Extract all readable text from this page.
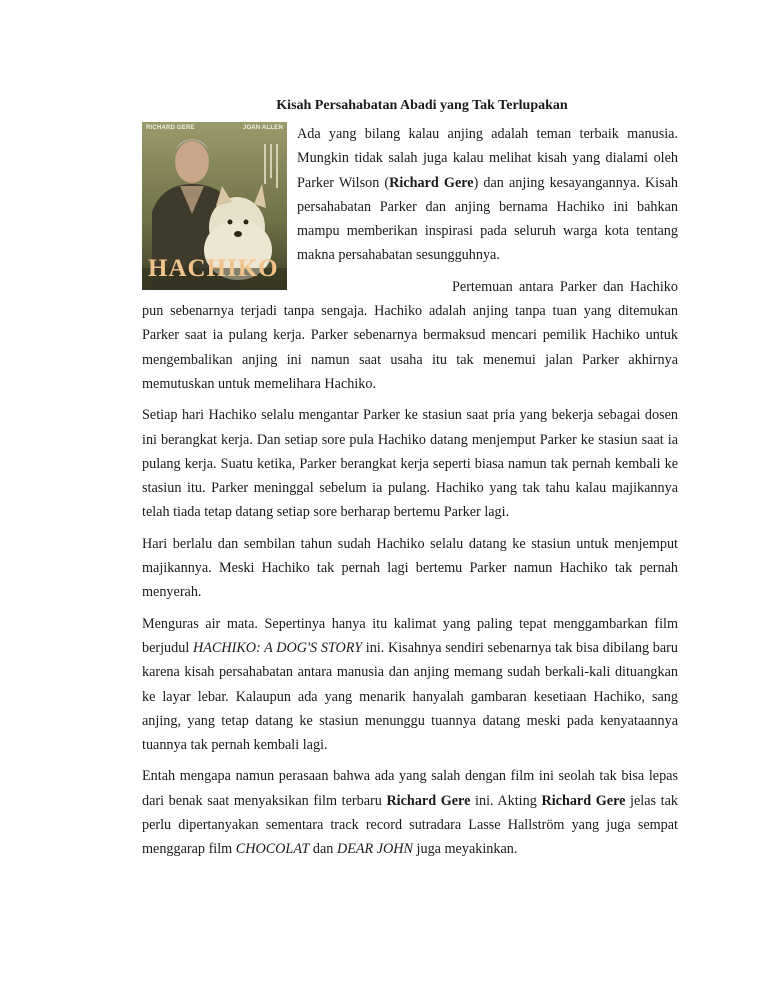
Kisah Persahabatan Abadi yang Tak Terlupakan
RICHARD GERE	JOAN ALLEN
HACHIKO

Ada yang bilang kalau anjing adalah teman terbaik manusia. Mungkin tidak salah juga kalau melihat kisah yang dialami oleh Parker Wilson (Richard Gere) dan anjing kesayangannya. Kisah persahabatan Parker dan anjing bernama Hachiko ini bahkan mampu memberikan inspirasi pada seluruh warga kota tentang makna persahabatan sesungguhnya.

Pertemuan antara Parker dan Hachiko pun sebenarnya terjadi tanpa sengaja. Hachiko adalah anjing tanpa tuan yang ditemukan Parker saat ia pulang kerja. Parker sebenarnya bermaksud mencari pemilik Hachiko untuk mengembalikan anjing ini namun saat usaha itu tak menemui jalan Parker akhirnya memutuskan untuk memelihara Hachiko.

Setiap hari Hachiko selalu mengantar Parker ke stasiun saat pria yang bekerja sebagai dosen ini berangkat kerja. Dan setiap sore pula Hachiko datang menjemput Parker ke stasiun saat ia pulang kerja. Suatu ketika, Parker berangkat kerja seperti biasa namun tak pernah kembali ke stasiun itu. Parker meninggal sebelum ia pulang. Hachiko yang tak tahu kalau majikannya telah tiada tetap datang setiap sore berharap bertemu Parker lagi.

Hari berlalu dan sembilan tahun sudah Hachiko selalu datang ke stasiun untuk menjemput majikannya. Meski Hachiko tak pernah lagi bertemu Parker namun Hachiko tak pernah menyerah.

Menguras air mata. Sepertinya hanya itu kalimat yang paling tepat menggambarkan film berjudul HACHIKO: A DOG'S STORY ini. Kisahnya sendiri sebenarnya tak bisa dibilang baru karena kisah persahabatan antara manusia dan anjing memang sudah berkali-kali dituangkan ke layar lebar. Kalaupun ada yang menarik hanyalah gambaran kesetiaan Hachiko, sang anjing, yang tetap datang ke stasiun menunggu tuannya datang meski pada kenyataannya tuannya tak pernah kembali lagi.

Entah mengapa namun perasaan bahwa ada yang salah dengan film ini seolah tak bisa lepas dari benak saat menyaksikan film terbaru Richard Gere ini. Akting Richard Gere jelas tak perlu dipertanyakan sementara track record sutradara Lasse Hallström yang juga sempat menggarap film CHOCOLAT dan DEAR JOHN juga meyakinkan.
